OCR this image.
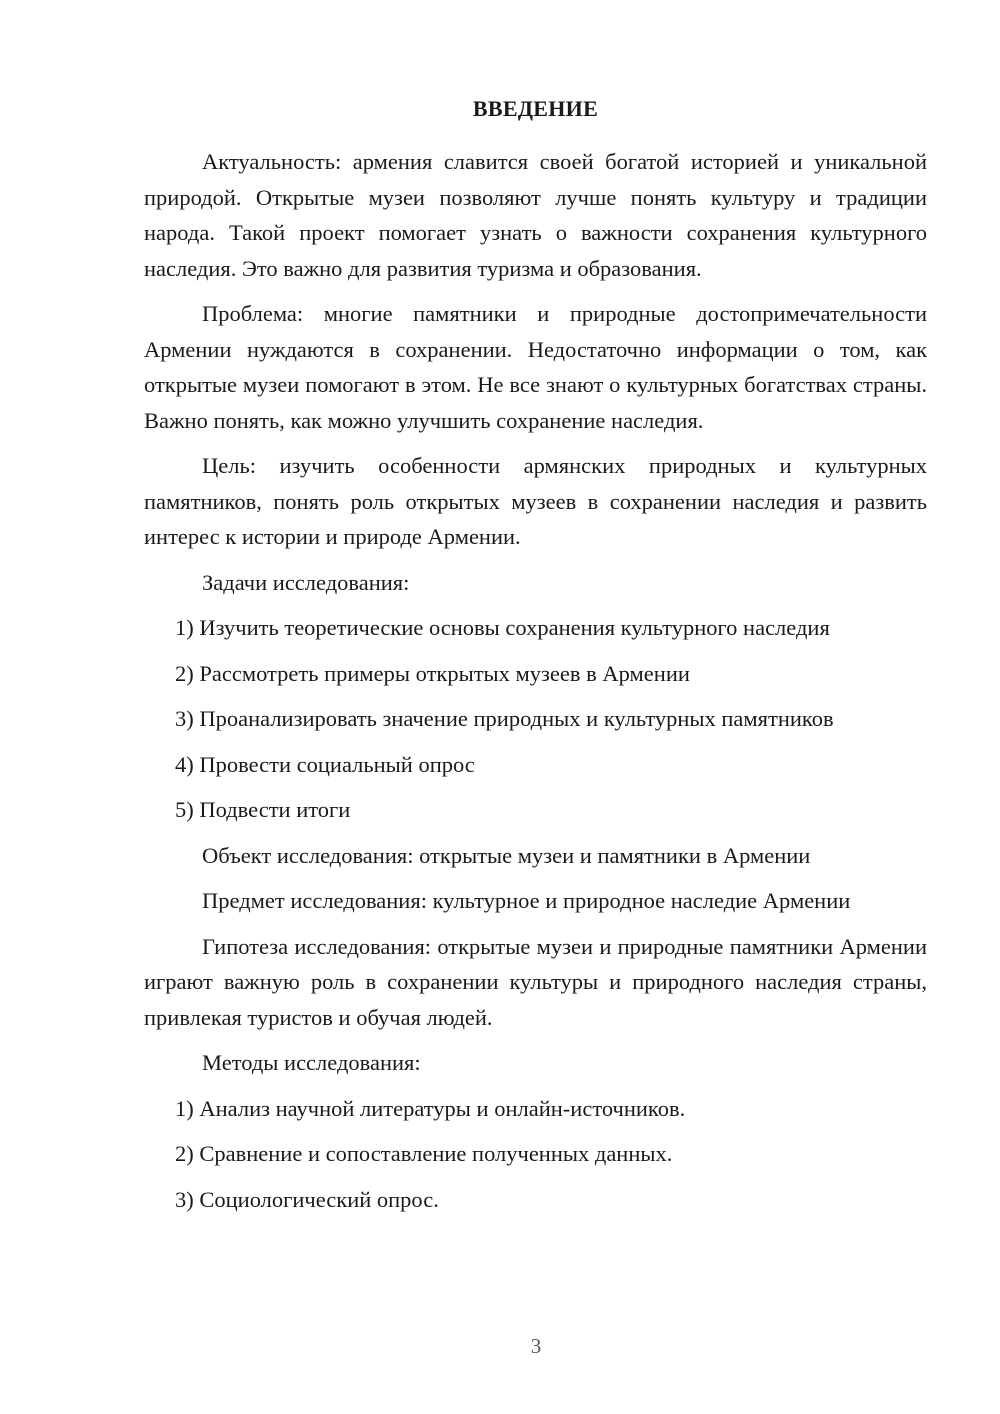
ВВЕДЕНИЕ

Актуальность: армения славится своей богатой историей и уникальной природой. Открытые музеи позволяют лучше понять культуру и традиции народа. Такой проект помогает узнать о важности сохранения культурного наследия. Это важно для развития туризма и образования.

Проблема: многие памятники и природные достопримечательности Армении нуждаются в сохранении. Недостаточно информации о том, как открытые музеи помогают в этом. Не все знают о культурных богатствах страны. Важно понять, как можно улучшить сохранение наследия.

Цель: изучить особенности армянских природных и культурных памятников, понять роль открытых музеев в сохранении наследия и развить интерес к истории и природе Армении.

Задачи исследования:

1) Изучить теоретические основы сохранения культурного наследия
2) Рассмотреть примеры открытых музеев в Армении
3) Проанализировать значение природных и культурных памятников
4) Провести социальный опрос
5) Подвести итоги

Объект исследования: открытые музеи и памятники в Армении

Предмет исследования: культурное и природное наследие Армении

Гипотеза исследования: открытые музеи и природные памятники Армении играют важную роль в сохранении культуры и природного наследия страны, привлекая туристов и обучая людей.

Методы исследования:

1) Анализ научной литературы и онлайн-источников.
2) Сравнение и сопоставление полученных данных.
3) Социологический опрос.
3
